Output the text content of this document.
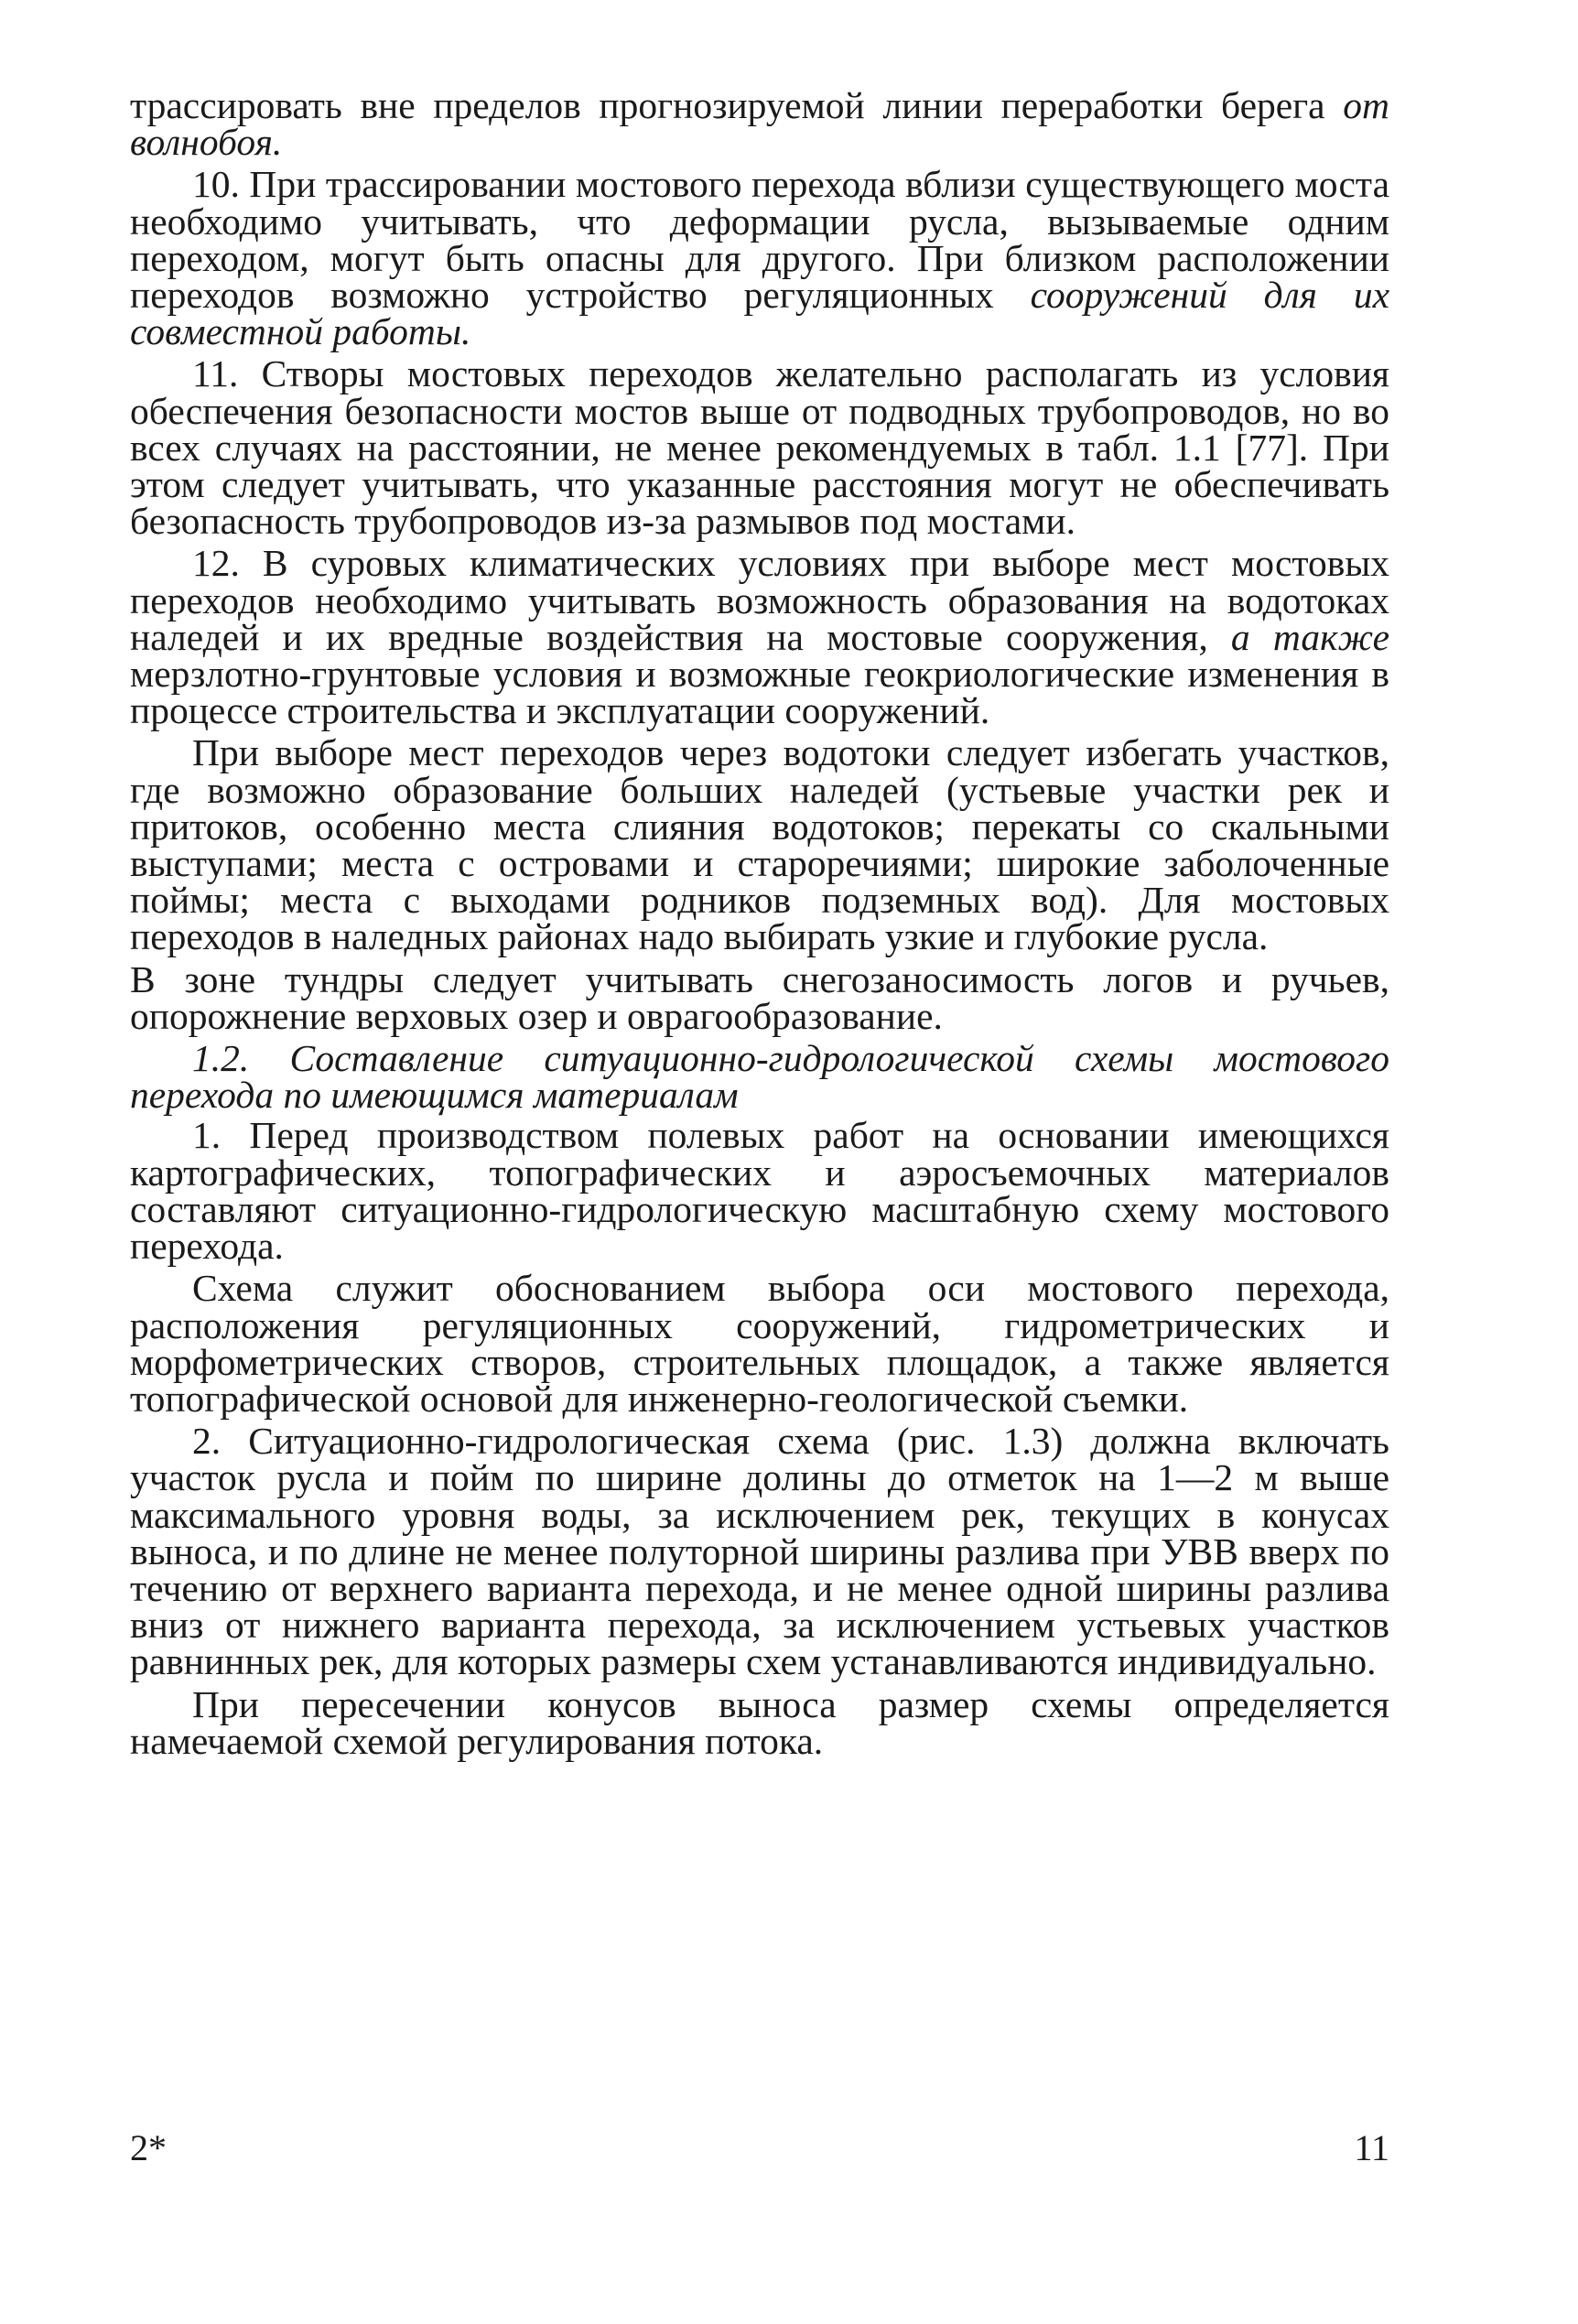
трассировать вне пределов прогнозируемой линии переработки берега от волнобоя.

10. При трассировании мостового перехода вблизи существующего моста необходимо учитывать, что деформации русла, вызываемые одним переходом, могут быть опасны для другого. При близком расположении переходов возможно устройство регуляционных сооружений для их совместной работы.

11. Створы мостовых переходов желательно располагать из условия обеспечения безопасности мостов выше от подводных трубопроводов, но во всех случаях на расстоянии, не менее рекомендуемых в табл. 1.1 [77]. При этом следует учитывать, что указанные расстояния могут не обеспечивать безопасность трубопроводов из-за размывов под мостами.

12. В суровых климатических условиях при выборе мест мостовых переходов необходимо учитывать возможность образования на водотоках наледей и их вредные воздействия на мостовые сооружения, а также мерзлотно-грунтовые условия и возможные геокриологические изменения в процессе строительства и эксплуатации сооружений.

При выборе мест переходов через водотоки следует избегать участков, где возможно образование больших наледей (устьевые участки рек и притоков, особенно места слияния водотоков; перекаты со скальными выступами; места с островами и староречиями; широкие заболоченные поймы; места с выходами родников подземных вод). Для мостовых переходов в наледных районах надо выбирать узкие и глубокие русла.

В зоне тундры следует учитывать снегозаносимость логов и ручьев, опорожнение верховых озер и оврагообразование.

1.2. Составление ситуационно-гидрологической схемы мостового перехода по имеющимся материалам

1. Перед производством полевых работ на основании имеющихся картографических, топографических и аэросъемочных материалов составляют ситуационно-гидрологическую масштабную схему мостового перехода.

Схема служит обоснованием выбора оси мостового перехода, расположения регуляционных сооружений, гидрометрических и морфометрических створов, строительных площадок, а также является топографической основой для инженерно-геологической съемки.

2. Ситуационно-гидрологическая схема (рис. 1.3) должна включать участок русла и пойм по ширине долины до отметок на 1—2 м выше максимального уровня воды, за исключением рек, текущих в конусах выноса, и по длине не менее полуторной ширины разлива при УВВ вверх по течению от верхнего варианта перехода, и не менее одной ширины разлива вниз от нижнего варианта перехода, за исключением устьевых участков равнинных рек, для которых размеры схем устанавливаются индивидуально.

При пересечении конусов выноса размер схемы определяется намечаемой схемой регулирования потока.

2*	11
